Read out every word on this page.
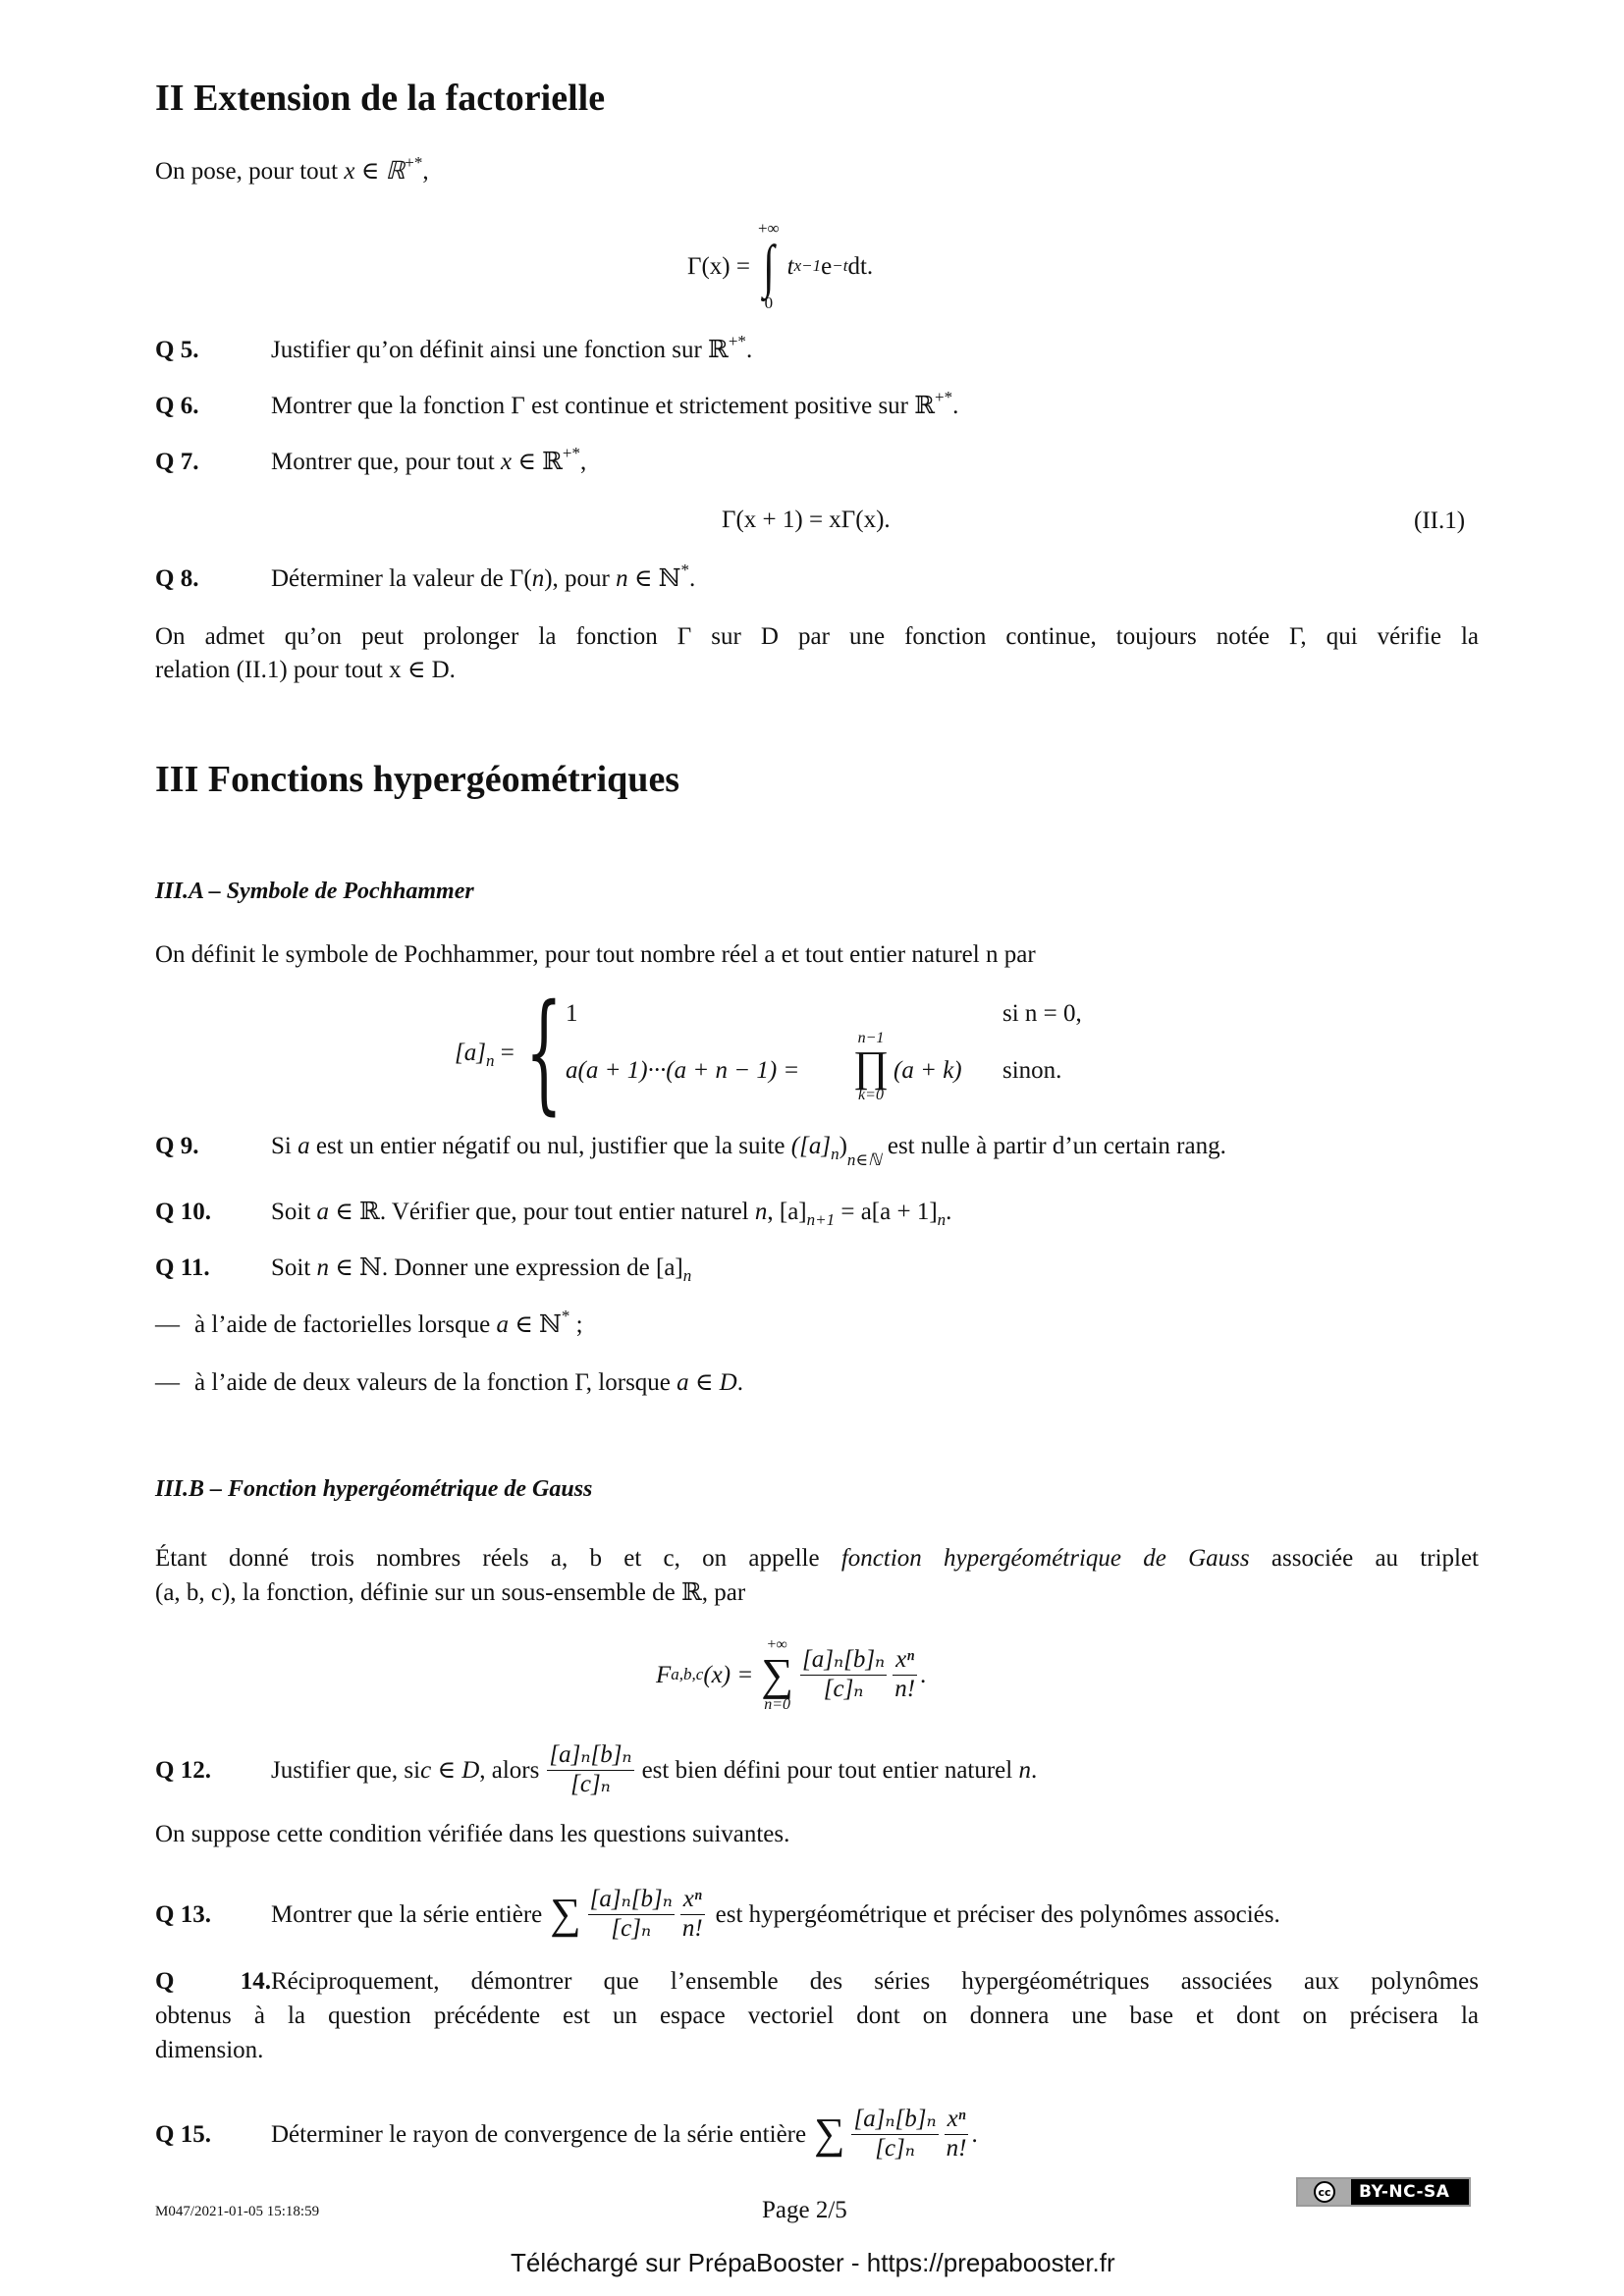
II Extension de la factorielle
On pose, pour tout x ∈ ℝ+*,
Γ(x) =
+∞
∫
0
t x−1 e −t dt.
Q 5.	Justifier qu’on définit ainsi une fonction sur ℝ+*.
Q 6.	Montrer que la fonction Γ est continue et strictement positive sur ℝ+*.
Q 7.	Montrer que, pour tout x ∈ ℝ+*,
Γ(x + 1) = xΓ(x).	(II.1)
Q 8.	Déterminer la valeur de Γ(n), pour n ∈ ℕ*.
On admet qu’on peut prolonger la fonction Γ sur D par une fonction continue, toujours notée Γ, qui vérifie la
relation (II.1) pour tout x ∈ D.
III Fonctions hypergéométriques
III.A – Symbole de Pochhammer
On définit le symbole de Pochhammer, pour tout nombre réel a et tout entier naturel n par
$[a]_n$ = { 1	si n = 0,
a(a + 1)···(a + n − 1) =
n−1
∏
k=0
(a + k) sinon.
Q 9.	Si a est un entier négatif ou nul, justifier que la suite $([a]_n)_{n\in ℕ}$ est nulle à partir d’un certain rang.
Q 10. Soit a ∈ ℝ. Vérifier que, pour tout entier naturel n, $[a]_{n+1} = a[a + 1]_n$.
Q 11. Soit n ∈ ℕ. Donner une expression de $[a]_n$
— à l’aide de factorielles lorsque a ∈ ℕ* ;
— à l’aide de deux valeurs de la fonction Γ, lorsque a ∈ D.
III.B – Fonction hypergéométrique de Gauss
Étant donné trois nombres réels a, b et c, on appelle fonction hypergéométrique de Gauss associée au triplet
(a, b, c), la fonction, définie sur un sous-ensemble de ℝ, par
F a,b,c (x) =
+∞
∑
n=0
$\frac{\text{[a]ₙ[b]ₙ}}{\text{[c]ₙ}} \frac{\text{xⁿ}}{n!}$ .
Q 12.	Justifier que, si c ∈ D , alors $\frac{\text{[a]ₙ[b]ₙ}}{\text{[c]ₙ}}$ est bien défini pour tout entier naturel n .
On suppose cette condition vérifiée dans les questions suivantes.
Q 13.	Montrer que la série entière ∑ $\frac{\text{[a]ₙ[b]ₙ}}{\text{[c]ₙ}} \frac{\text{xⁿ}}{n!}$ est hypergéométrique et préciser des polynômes associés.
Q 14.Réciproquement, démontrer que l’ensemble des séries hypergéométriques associées aux polynômes
obtenus à la question précédente est un espace vectoriel dont on donnera une base et dont on précisera la
dimension.
Q 15.	Déterminer le rayon de convergence de la série entière ∑ $\frac{\text{[a]ₙ[b]ₙ}}{\text{[c]ₙ}} \frac{\text{xⁿ}}{n!}$ .
M047/2021-01-05 15:18:59	Page 2/5
cc	BY-NC-SA
Téléchargé sur PrépaBooster - https://prepabooster.fr
